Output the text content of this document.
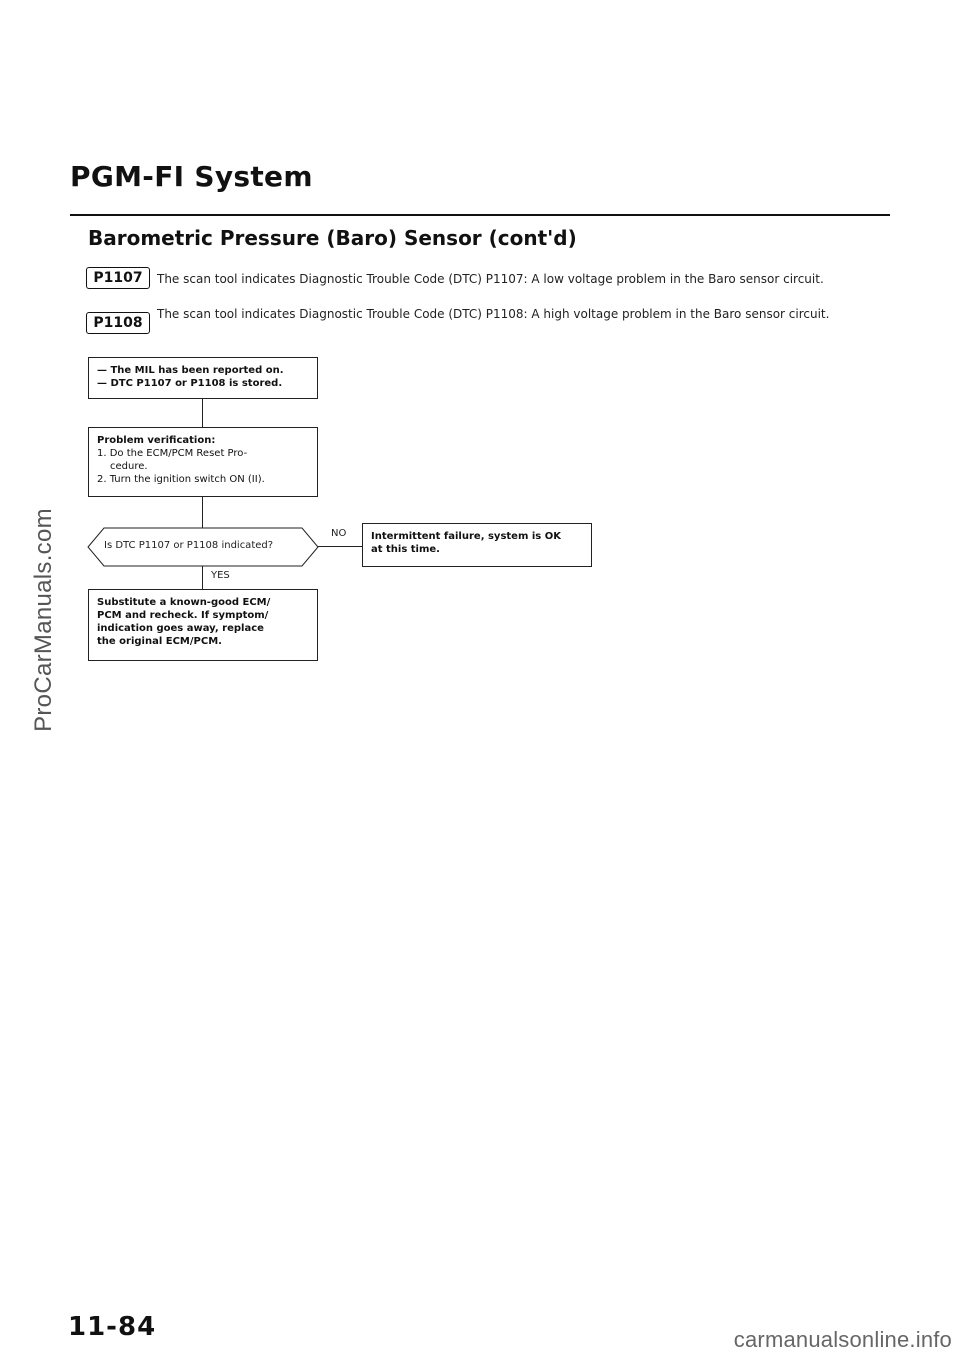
ProCarManuals.com
PGM-FI System
Barometric Pressure (Baro) Sensor (cont'd)
P1107	The scan tool indicates Diagnostic Trouble Code (DTC) P1107: A low voltage problem in the Baro sensor circuit.
P1108
The scan tool indicates Diagnostic Trouble Code (DTC) P1108: A high voltage problem in the Baro sensor circuit.
— The MIL has been reported on.
— DTC P1107 or P1108 is stored.
Problem verification:
1. Do the ECM/PCM Reset Pro-
cedure.
2. Turn the ignition switch ON (II).
Is DTC P1107 or P1108 indicated?
NO Intermittent failure, system is OK
at this time.
YES
Substitute a known-good ECM/
PCM and recheck. If symptom/
indication goes away, replace
the original ECM/PCM.
11-84	carmanualsonline.info
